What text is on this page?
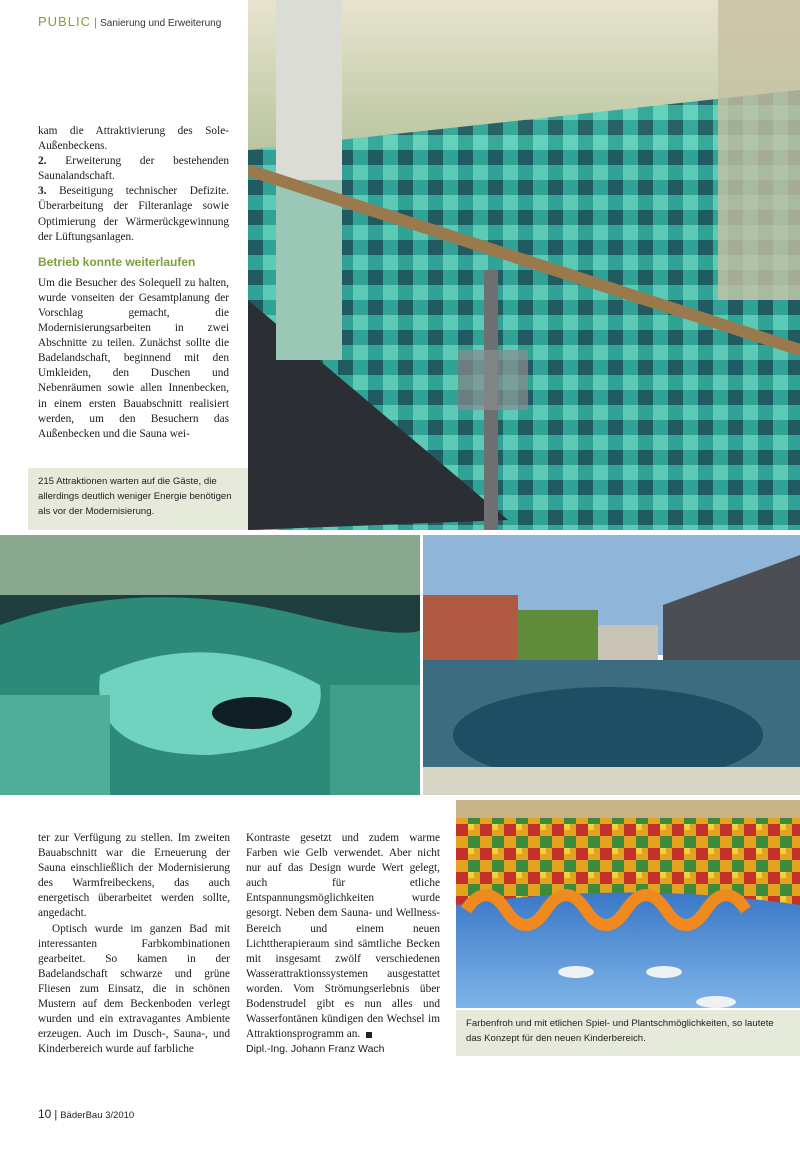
PUBLIC | Sanierung und Erweiterung

kam die Attraktivierung des Sole-Außenbeckens.

2. Erweiterung der bestehenden Saunalandschaft.

3. Beseitigung technischer Defizite. Überarbeitung der Filteranlage sowie Optimierung der Wärmerückgewinnung der Lüftungsanlagen.

Betrieb konnte weiterlaufen

Um die Besucher des Solequell zu halten, wurde vonseiten der Gesamtplanung der Vorschlag gemacht, die Modernisierungsarbeiten in zwei Abschnitte zu teilen. Zunächst sollte die Badelandschaft, beginnend mit den Umkleiden, den Duschen und Nebenräumen sowie allen Innenbecken, in einem ersten Bauabschnitt realisiert werden, um den Besuchern das Außenbecken und die Sauna wei-

215 Attraktionen warten auf die Gäste, die allerdings deutlich weniger Energie benötigen als vor der Modernisierung.

ter zur Verfügung zu stellen. Im zweiten Bauabschnitt war die Erneuerung der Sauna einschließlich der Modernisierung des Warmfreibeckens, das auch energetisch überarbeitet werden sollte, angedacht.

Optisch wurde im ganzen Bad mit interessanten Farbkombinationen gearbeitet. So kamen in der Badelandschaft schwarze und grüne Fliesen zum Einsatz, die in schönen Mustern auf dem Beckenboden verlegt wurden und ein extravagantes Ambiente erzeugen. Auch im Dusch-, Sauna-, und Kinderbereich wurde auf farbliche

Kontraste gesetzt und zudem warme Farben wie Gelb verwendet. Aber nicht nur auf das Design wurde Wert gelegt, auch für etliche Entspannungsmöglichkeiten wurde gesorgt. Neben dem Sauna- und Wellness-Bereich und einem neuen Lichttherapieraum sind sämtliche Becken mit insgesamt zwölf verschiedenen Wasserattraktionssystemen ausgestattet worden. Vom Strömungserlebnis über Bodenstrudel gibt es nun alles und Wasserfontänen kündigen den Wechsel im Attraktionsprogramm an.

Dipl.-Ing. Johann Franz Wach

Farbenfroh und mit etlichen Spiel- und Plantschmöglichkeiten, so lautete das Konzept für den neuen Kinderbereich.
10 | BäderBau 3/2010
